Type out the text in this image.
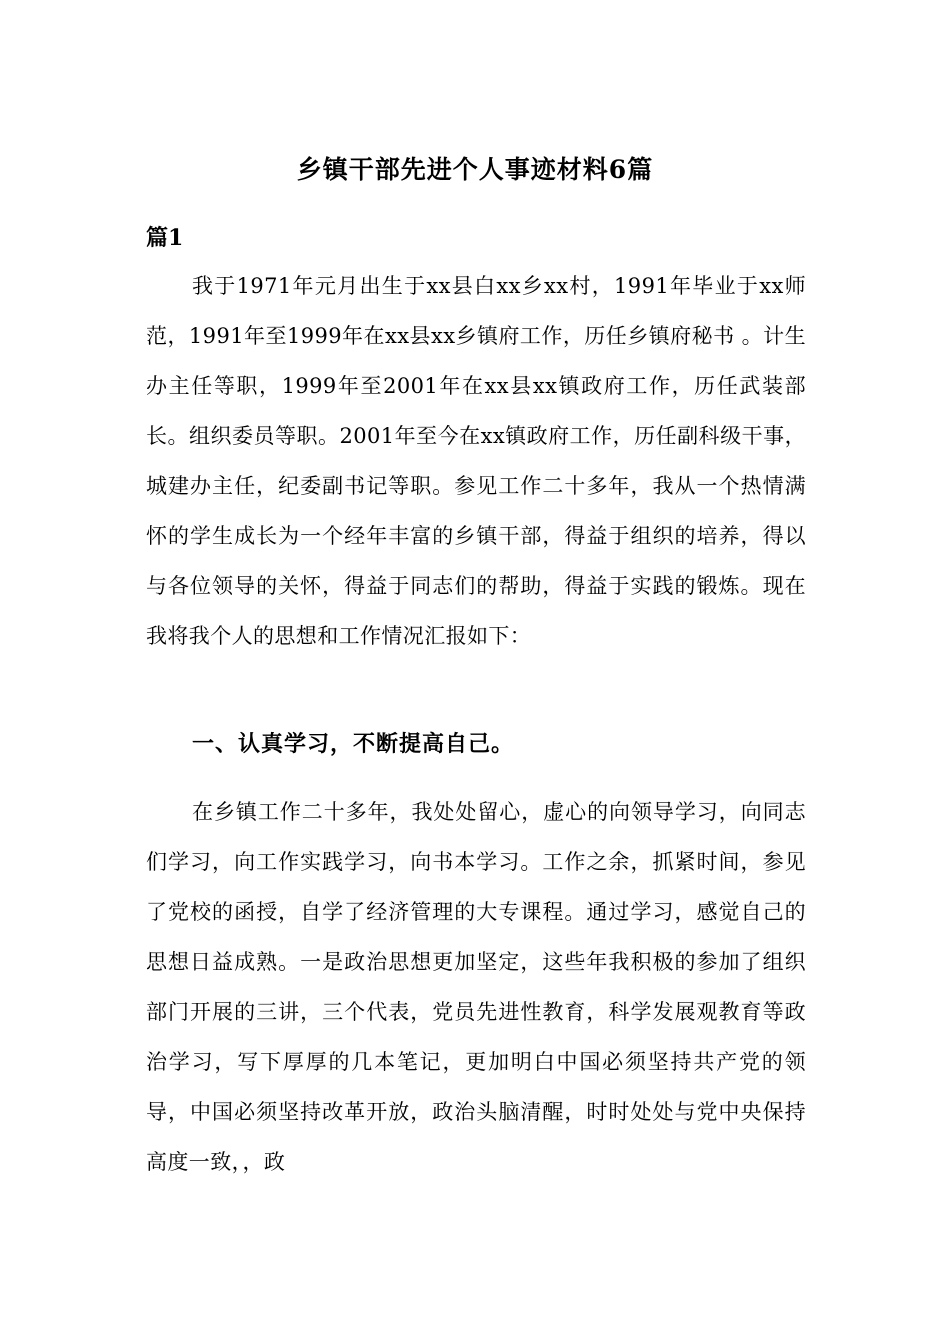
乡镇干部先进个人事迹材料6篇
篇1

我于1971年元月出生于xx县白xx乡xx村，1991年毕业于xx师范，1991年至1999年在xx县xx乡镇府工作，历任乡镇府秘书 。计生办主任等职，1999年至2001年在xx县xx镇政府工作，历任武装部长。组织委员等职。2001年至今在xx镇政府工作，历任副科级干事，城建办主任，纪委副书记等职。参见工作二十多年，我从一个热情满怀的学生成长为一个经年丰富的乡镇干部，得益于组织的培养，得以与各位领导的关怀，得益于同志们的帮助，得益于实践的锻炼。现在我将我个人的思想和工作情况汇报如下：

一、认真学习，不断提高自己。

在乡镇工作二十多年，我处处留心，虚心的向领导学习，向同志们学习，向工作实践学习，向书本学习。工作之余，抓紧时间，参见了党校的函授，自学了经济管理的大专课程。通过学习，感觉自己的思想日益成熟。一是政治思想更加坚定，这些年我积极的参加了组织部门开展的三讲，三个代表，党员先进性教育，科学发展观教育等政治学习，写下厚厚的几本笔记，更加明白中国必须坚持共产党的领导，中国必须坚持改革开放，政治头脑清醒，时时处处与党中央保持高度一致，，政
